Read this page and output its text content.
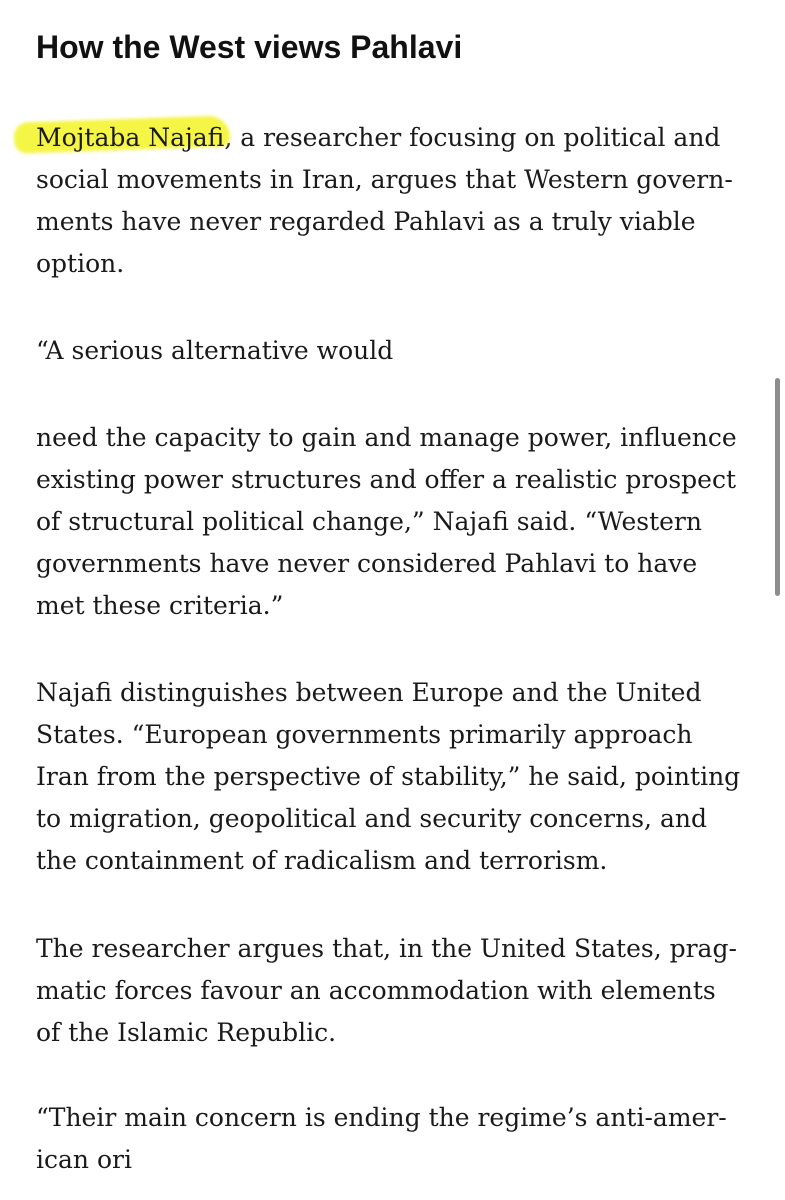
How the West views Pahlavi

Mojtaba Najafi, a researcher focusing on political and
social movements in Iran, argues that Western govern-
ments have never regarded Pahlavi as a truly viable
option.

“A serious alternative would

need the capacity to gain and manage power, influence
existing power structures and offer a realistic prospect
of structural political change,” Najafi said. “Western
governments have never considered Pahlavi to have
met these criteria.”

Najafi distinguishes between Europe and the United
States. “European governments primarily approach
Iran from the perspective of stability,” he said, pointing
to migration, geopolitical and security concerns, and
the containment of radicalism and terrorism.

The researcher argues that, in the United States, prag-
matic forces favour an accommodation with elements
of the Islamic Republic.

“Their main concern is ending the regime’s anti-amer-
ican ori
